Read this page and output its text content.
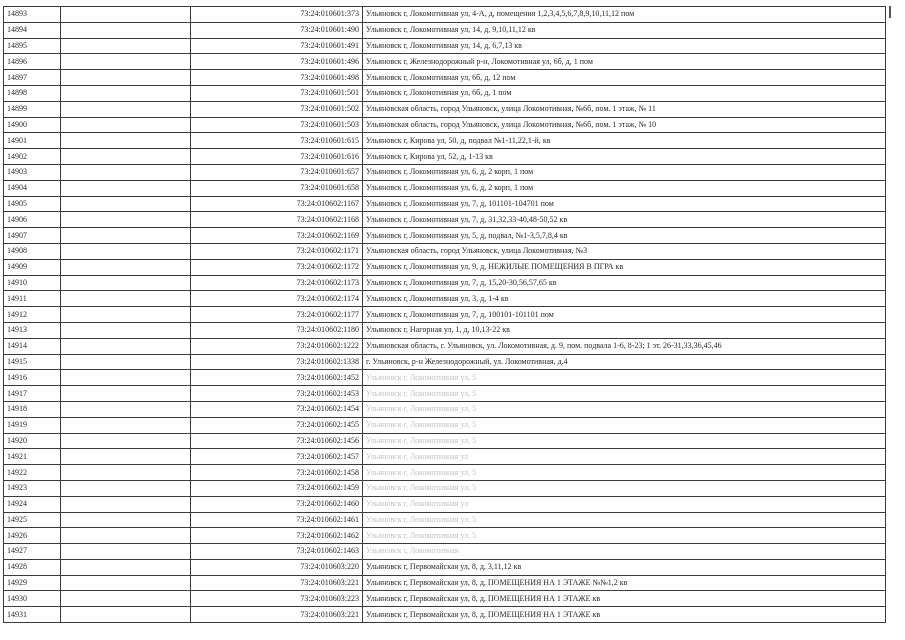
14893		73:24:010601:373	Ульяновск г, Локомотивная ул, 4-А, д, помещения 1,2,3,4,5,6,7,8,9,10,11,12 пом
14894		73:24:010601:490	Ульяновск г, Локомотивная ул, 14, д, 9,10,11,12 кв
14895		73:24:010601:491	Ульяновск г, Локомотивная ул, 14, д, 6,7,13 кв
14896		73:24:010601:496	Ульяновск г, Железнодорожный р-н, Локомотивная ул, 6б, д, 1 пом
14897		73:24:010601:498	Ульяновск г, Локомотивная ул, 6б, д, 12 пом
14898		73:24:010601:501	Ульяновск г, Локомотивная ул, 6б, д, 1 пом
14899		73:24:010601:502	Ульяновская область, город Ульяновск, улица Локомотивная, №6б, пом. 1 этаж, № 11
14900		73:24:010601:503	Ульяновская область, город Ульяновск, улица Локомотивная, №6б, пом. 1 этаж, № 10
14901		73:24:010601:615	Ульяновск г, Кирова ул, 50, д, подвал №1-11,22,1-й, кв
14902		73:24:010601:616	Ульяновск г, Кирова ул, 52, д, 1-13 кв
14903		73:24:010601:657	Ульяновск г, Локомотивная ул, 6, д, 2 корп, 1 пом
14904		73:24:010601:658	Ульяновск г, Локомотивная ул, 6, д, 2 корп, 1 пом
14905		73:24:010602:1167	Ульяновск г, Локомотивная ул, 7, д, 101101-104701 пом
14906		73:24:010602:1168	Ульяновск г, Локомотивная ул, 7, д, 31,32,33-40,48-50,52 кв
14907		73:24:010602:1169	Ульяновск г, Локомотивная ул, 5, д, подвал, №1-3,5,7,8,4 кв
14908		73:24:010602:1171	Ульяновская область, город Ульяновск, улица Локомотивная, №3
14909		73:24:010602:1172	Ульяновск г, Локомотивная ул, 9, д, НЕЖИЛЫЕ ПОМЕЩЕНИЯ В ПГРА кв
14910		73:24:010602:1173	Ульяновск г, Локомотивная ул, 7, д, 15,20-30,56,57,65 кв
14911		73:24:010602:1174	Ульяновск г, Локомотивная ул, 3, д, 1-4 кв
14912		73:24:010602:1177	Ульяновск г, Локомотивная ул, 7, д, 100101-101101 пом
14913		73:24:010602:1180	Ульяновск г, Нагорная ул, 1, д, 10,13-22 кв
14914		73:24:010602:1222	Ульяновская область, г. Ульяновск, ул. Локомотивная, д. 9, пом. подвала 1-6, 8-23; 1 эт. 26-31,33,36,45,46
14915		73:24:010602:1338	г. Ульяновск, р-н Железнодорожный, ул. Локомотивная, д.4
14916		73:24:010602:1452	Ульяновск г, Локомотивная ул, 5
14917		73:24:010602:1453	Ульяновск г, Локомотивная ул, 5
14918		73:24:010602:1454	Ульяновск г, Локомотивная ул, 5
14919		73:24:010602:1455	Ульяновск г, Локомотивная ул, 5
14920		73:24:010602:1456	Ульяновск г, Локомотивная ул, 5
14921		73:24:010602:1457	Ульяновск г, Локомотивная ул
14922		73:24:010602:1458	Ульяновск г, Локомотивная ул, 5
14923		73:24:010602:1459	Ульяновск г, Локомотивная ул, 5
14924		73:24:010602:1460	Ульяновск г, Локомотивная ул
14925		73:24:010602:1461	Ульяновск г, Локомотивная ул, 5
14926		73:24:010602:1462	Ульяновск г, Локомотивная ул, 5
14927		73:24:010602:1463	Ульяновск г, Локомотивная
14928		73:24:010603:220	Ульяновск г, Первомайская ул, 8, д, 3,11,12 кв
14929		73:24:010603:221	Ульяновск г, Первомайская ул, 8, д, ПОМЕЩЕНИЯ НА 1 ЭТАЖЕ №№1,2 кв
14930		73:24:010603:223	Ульяновск г, Первомайская ул, 8, д, ПОМЕЩЕНИЯ НА 1 ЭТАЖЕ кв
14931		73:24:010603:221	Ульяновск г, Первомайская ул, 8, д, ПОМЕЩЕНИЯ НА 1 ЭТАЖЕ кв
